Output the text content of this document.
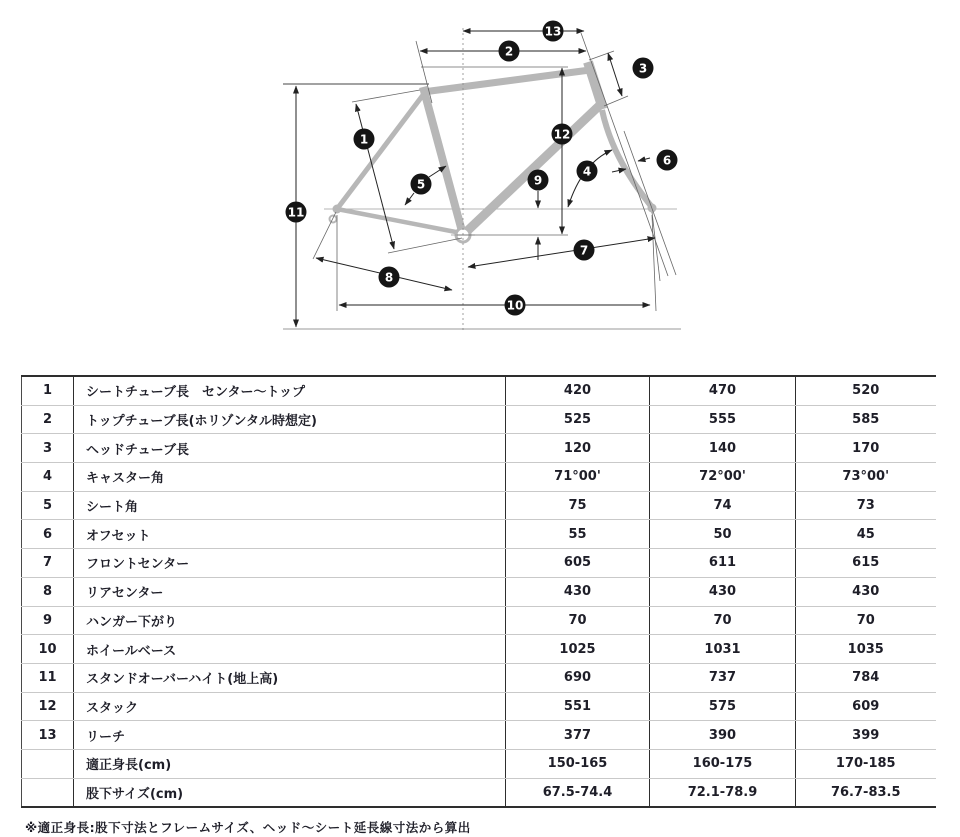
1
2
3
4
5
6
7
8
9
10
11
12
13
1	シートチューブ長　センター〜トップ	420	470	520
2	トップチューブ長(ホリゾンタル時想定)	525	555	585
3	ヘッドチューブ長	120	140	170
4	キャスター角	71°00'	72°00'	73°00'
5	シート角	75	74	73
6	オフセット	55	50	45
7	フロントセンター	605	611	615
8	リアセンター	430	430	430
9	ハンガー下がり	70	70	70
10	ホイールベース	1025	1031	1035
11	スタンドオーバーハイト(地上高)	690	737	784
12	スタック	551	575	609
13	リーチ	377	390	399
	適正身長(cm)	150-165	160-175	170-185
	股下サイズ(cm)	67.5-74.4	72.1-78.9	76.7-83.5
※適正身長:股下寸法とフレームサイズ、ヘッド〜シート延長線寸法から算出
